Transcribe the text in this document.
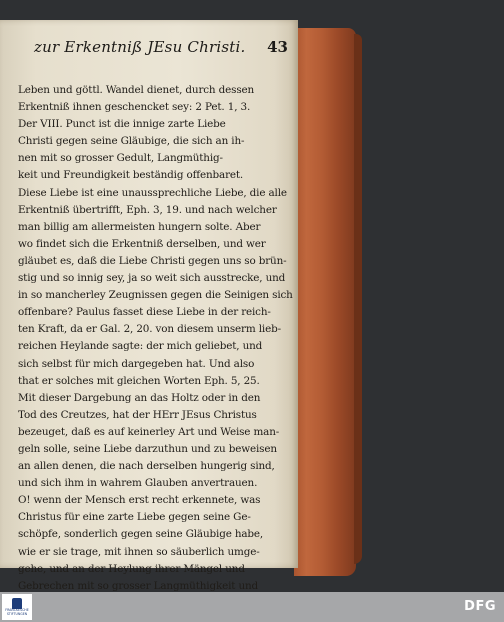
zur Erkentniß JEsu Christi. 43
Leben und göttl. Wandel dienet, durch dessen
Erkentniß ihnen geschencket sey: 2 Pet. 1, 3.
Der VIII. Punct ist die innige zarte Liebe
Christi gegen seine Gläubige, die sich an ih-
nen mit so grosser Gedult, Langmüthig-
keit und Freundigkeit beständig offenbaret.
Diese Liebe ist eine unaussprechliche Liebe, die alle
Erkentniß übertrifft, Eph. 3, 19. und nach welcher
man billig am allermeisten hungern solte. Aber
wo findet sich die Erkentniß derselben, und wer
gläubet es, daß die Liebe Christi gegen uns so brün-
stig und so innig sey, ja so weit sich ausstrecke, und
in so mancherley Zeugnissen gegen die Seinigen sich
offenbare? Paulus fasset diese Liebe in der reich-
ten Kraft, da er Gal. 2, 20. von diesem unserm lieb-
reichen Heylande sagte: der mich geliebet, und
sich selbst für mich dargegeben hat. Und also
that er solches mit gleichen Worten Eph. 5, 25.
Mit dieser Dargebung an das Holtz oder in den
Tod des Creutzes, hat der HErr JEsus Christus
bezeuget, daß es auf keinerley Art und Weise man-
geln solle, seine Liebe darzuthun und zu beweisen
an allen denen, die nach derselben hungerig sind,
und sich ihm in wahrem Glauben anvertrauen.
O! wenn der Mensch erst recht erkennete, was
Christus für eine zarte Liebe gegen seine Ge-
schöpfe, sonderlich gegen seine Gläubige habe,
wie er sie trage, mit ihnen so säuberlich umge-
gehe, und an der Heylung ihrer Mängel und
Gebrechen mit so grosser Langmüthigkeit und
FRANCKESCHE STIFTUNGEN	DFG
